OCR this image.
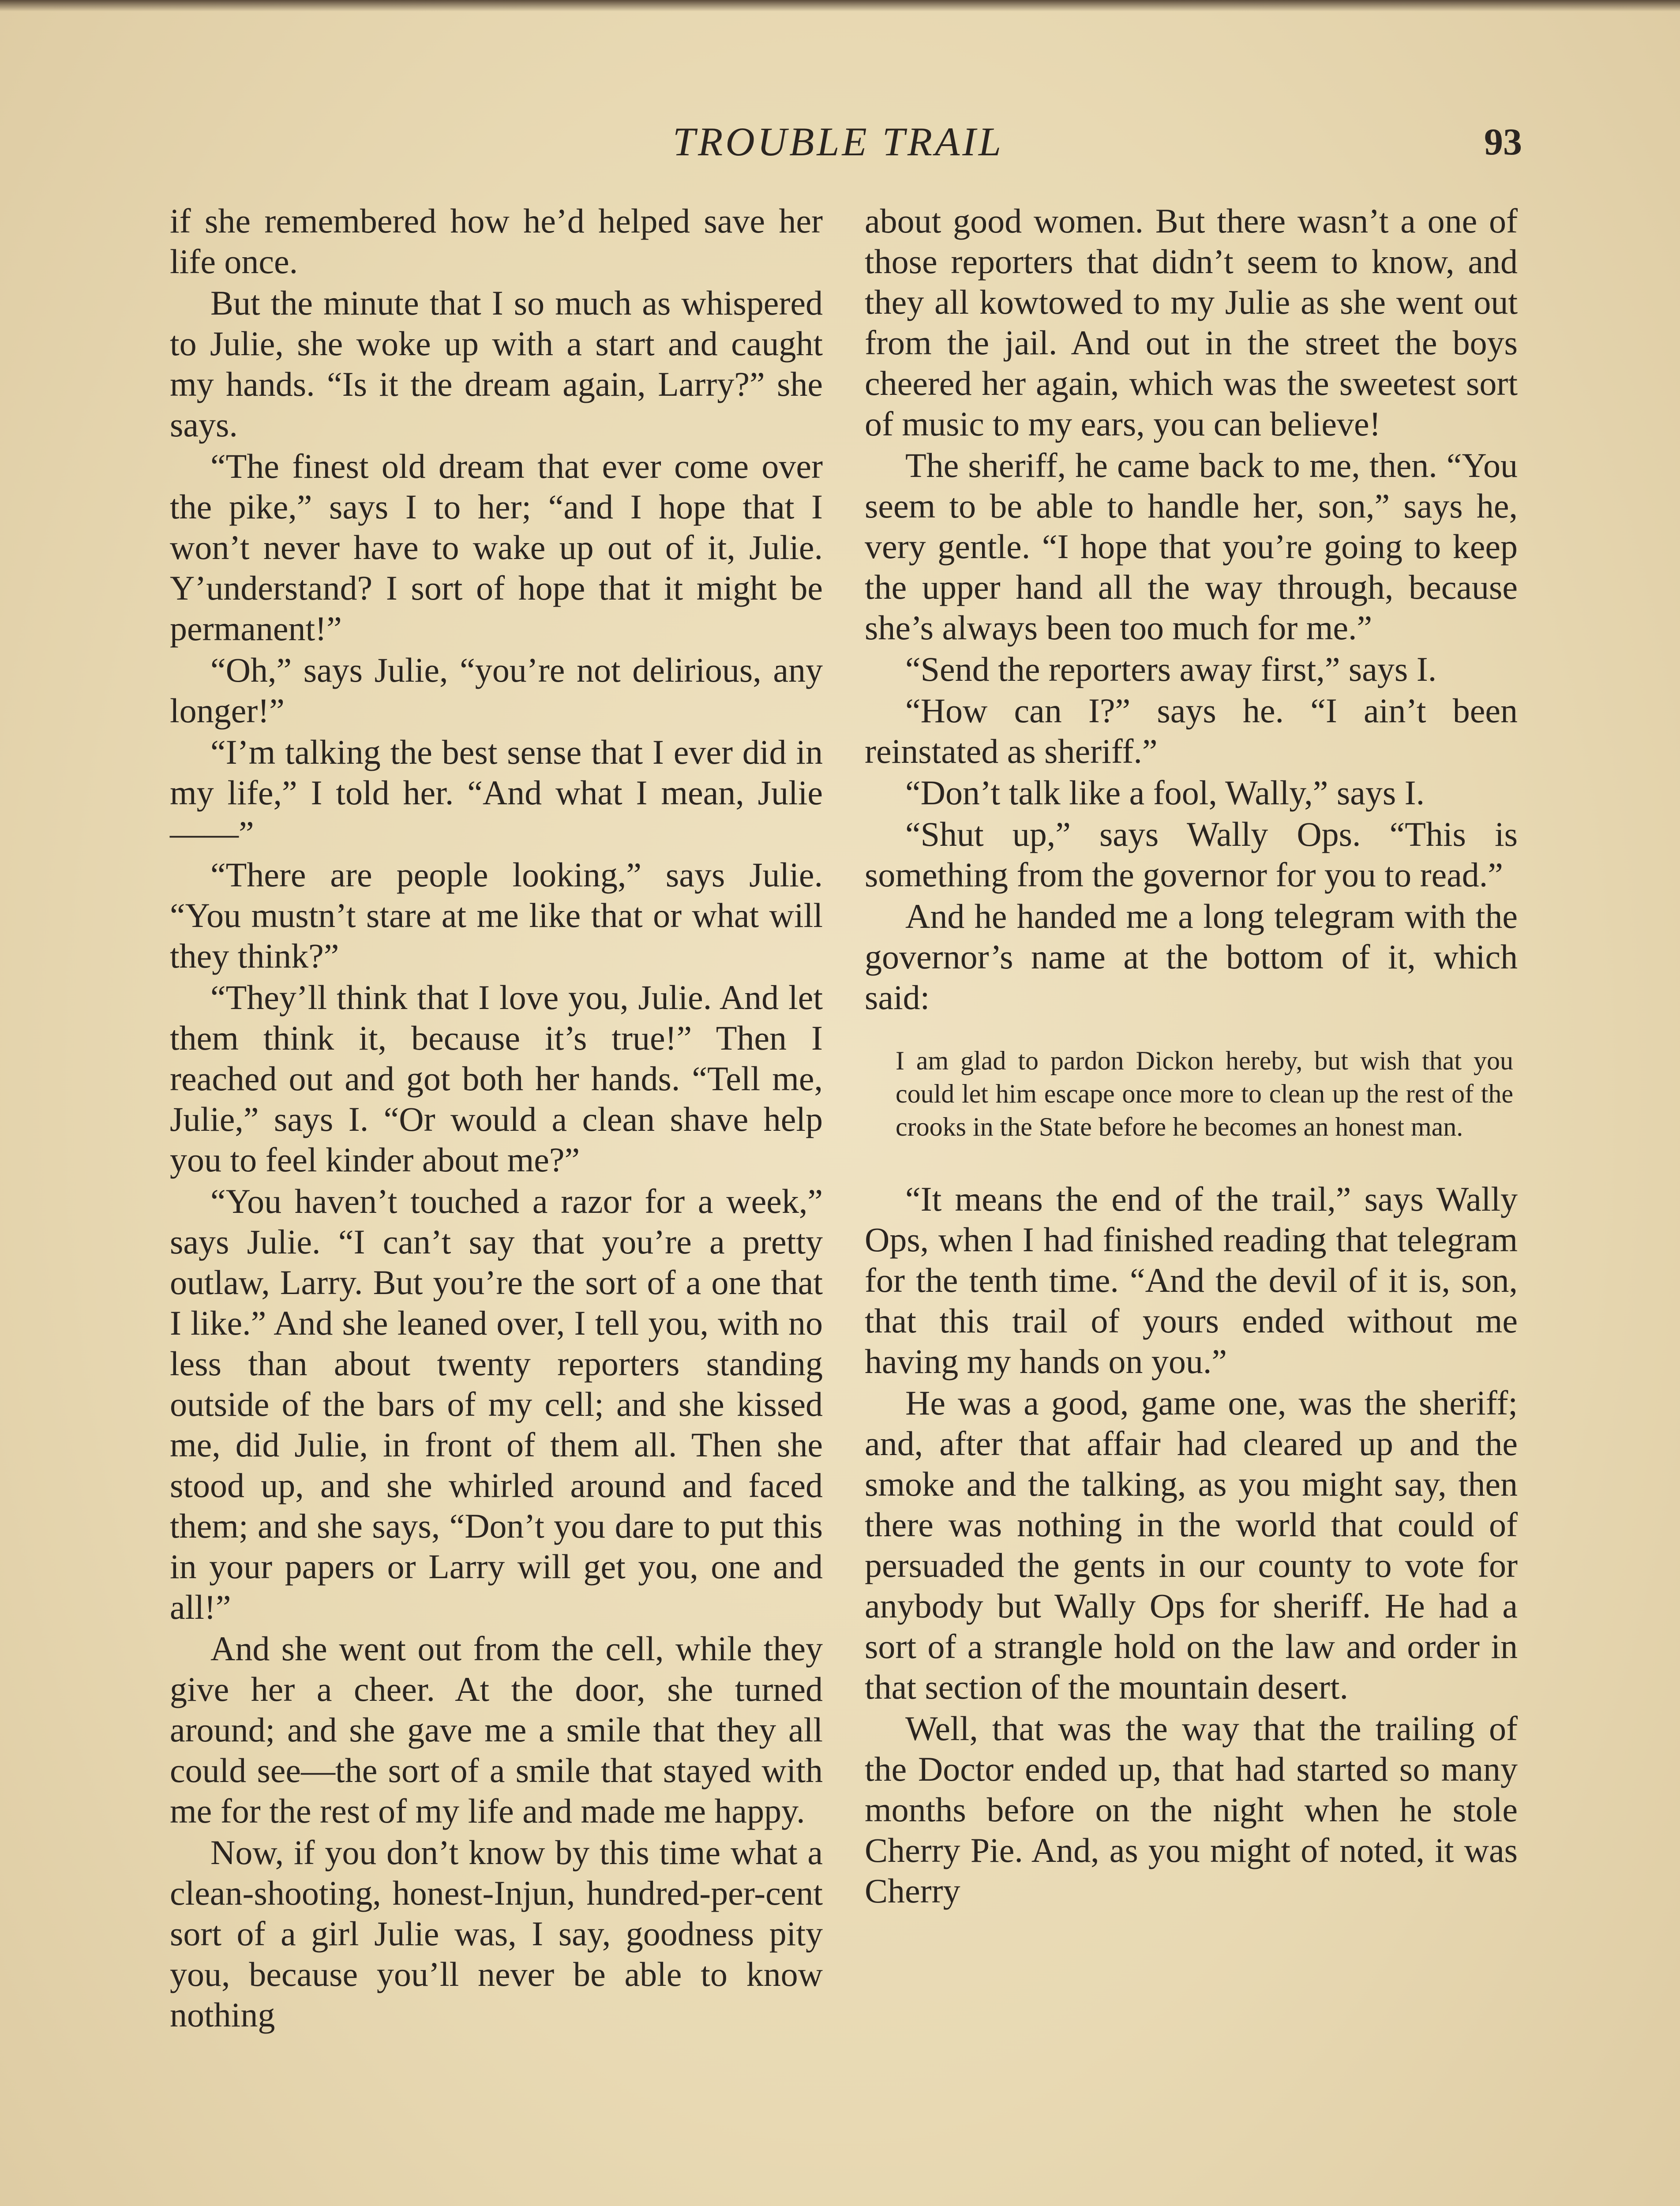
TROUBLE TRAIL	93

if she remembered how he’d helped save her life once.

But the minute that I so much as whispered to Julie, she woke up with a start and caught my hands. “Is it the dream again, Larry?” she says.

“The finest old dream that ever come over the pike,” says I to her; “and I hope that I won’t never have to wake up out of it, Julie. Y’understand? I sort of hope that it might be permanent!”

“Oh,” says Julie, “you’re not delirious, any longer!”

“I’m talking the best sense that I ever did in my life,” I told her. “And what I mean, Julie——”

“There are people looking,” says Julie. “You mustn’t stare at me like that or what will they think?”

“They’ll think that I love you, Julie. And let them think it, because it’s true!” Then I reached out and got both her hands. “Tell me, Julie,” says I. “Or would a clean shave help you to feel kinder about me?”

“You haven’t touched a razor for a week,” says Julie. “I can’t say that you’re a pretty outlaw, Larry. But you’re the sort of a one that I like.” And she leaned over, I tell you, with no less than about twenty reporters standing outside of the bars of my cell; and she kissed me, did Julie, in front of them all. Then she stood up, and she whirled around and faced them; and she says, “Don’t you dare to put this in your papers or Larry will get you, one and all!”

And she went out from the cell, while they give her a cheer. At the door, she turned around; and she gave me a smile that they all could see—the sort of a smile that stayed with me for the rest of my life and made me happy.

Now, if you don’t know by this time what a clean-shooting, honest-Injun, hundred-per-cent sort of a girl Julie was, I say, goodness pity you, because you’ll never be able to know nothing

about good women. But there wasn’t a one of those reporters that didn’t seem to know, and they all kowtowed to my Julie as she went out from the jail. And out in the street the boys cheered her again, which was the sweetest sort of music to my ears, you can believe!

The sheriff, he came back to me, then. “You seem to be able to handle her, son,” says he, very gentle. “I hope that you’re going to keep the upper hand all the way through, because she’s always been too much for me.”

“Send the reporters away first,” says I.

“How can I?” says he. “I ain’t been reinstated as sheriff.”

“Don’t talk like a fool, Wally,” says I.

“Shut up,” says Wally Ops. “This is something from the governor for you to read.”

And he handed me a long telegram with the governor’s name at the bottom of it, which said:

I am glad to pardon Dickon hereby, but wish that you could let him escape once more to clean up the rest of the crooks in the State before he becomes an honest man.

“It means the end of the trail,” says Wally Ops, when I had finished reading that telegram for the tenth time. “And the devil of it is, son, that this trail of yours ended without me having my hands on you.”

He was a good, game one, was the sheriff; and, after that affair had cleared up and the smoke and the talking, as you might say, then there was nothing in the world that could of persuaded the gents in our county to vote for anybody but Wally Ops for sheriff. He had a sort of a strangle hold on the law and order in that section of the mountain desert.

Well, that was the way that the trailing of the Doctor ended up, that had started so many months before on the night when he stole Cherry Pie. And, as you might of noted, it was Cherry
